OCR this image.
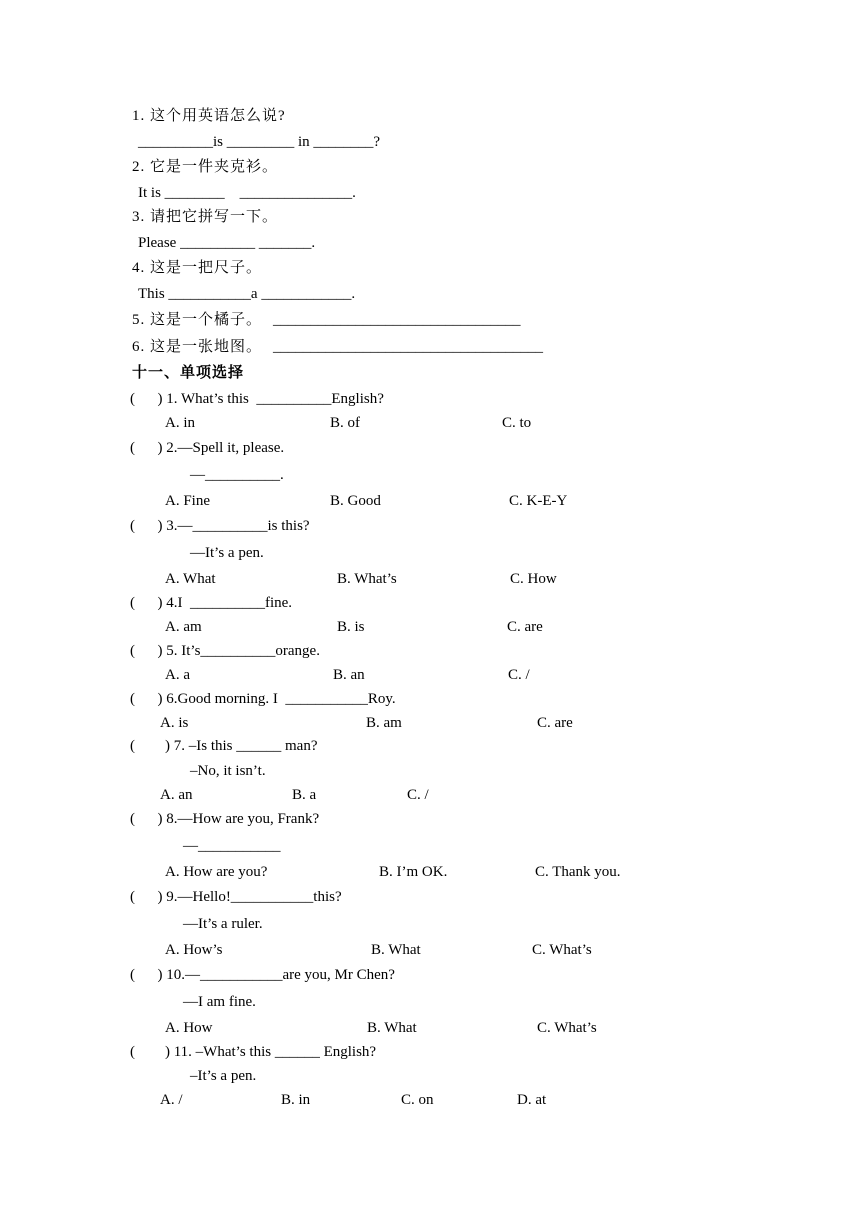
1. 这个用英语怎么说?
__________is _________ in ________?
2. 它是一件夹克衫。
It is ________    _______________.
3. 请把它拼写一下。
Please __________ _______.
4. 这是一把尺子。
This ___________a ____________.
5. 这是一个橘子。 _________________________________
6. 这是一张地图。 ____________________________________
十一、单项选择
(      ) 1. What’s this  __________English?
A. in	B. of	C. to
(      ) 2.—Spell it, please.
—__________.
A. Fine	B. Good	C. K-E-Y
(      ) 3.—__________is this?
—It’s a pen.
A. What	B. What’s	C. How
(      ) 4.I  __________fine.
A. am	B. is	C. are
(      ) 5. It’s__________orange.
A. a	B. an	C. /
(      ) 6.Good morning. I  ___________Roy.
A. is	B. am	C. are
(        ) 7. –Is this ______ man?
–No, it isn’t.
A. an	B. a	C. /
(      ) 8.—How are you, Frank?
—___________
A. How are you?	B. I’m OK.	C. Thank you.
(      ) 9.—Hello!___________this?
—It’s a ruler.
A. How’s	B. What	C. What’s
(      ) 10.—___________are you, Mr Chen?
—I am fine.
A. How	B. What	C. What’s
(        ) 11. –What’s this ______ English?
–It’s a pen.
A. /	B. in	C. on	D. at
